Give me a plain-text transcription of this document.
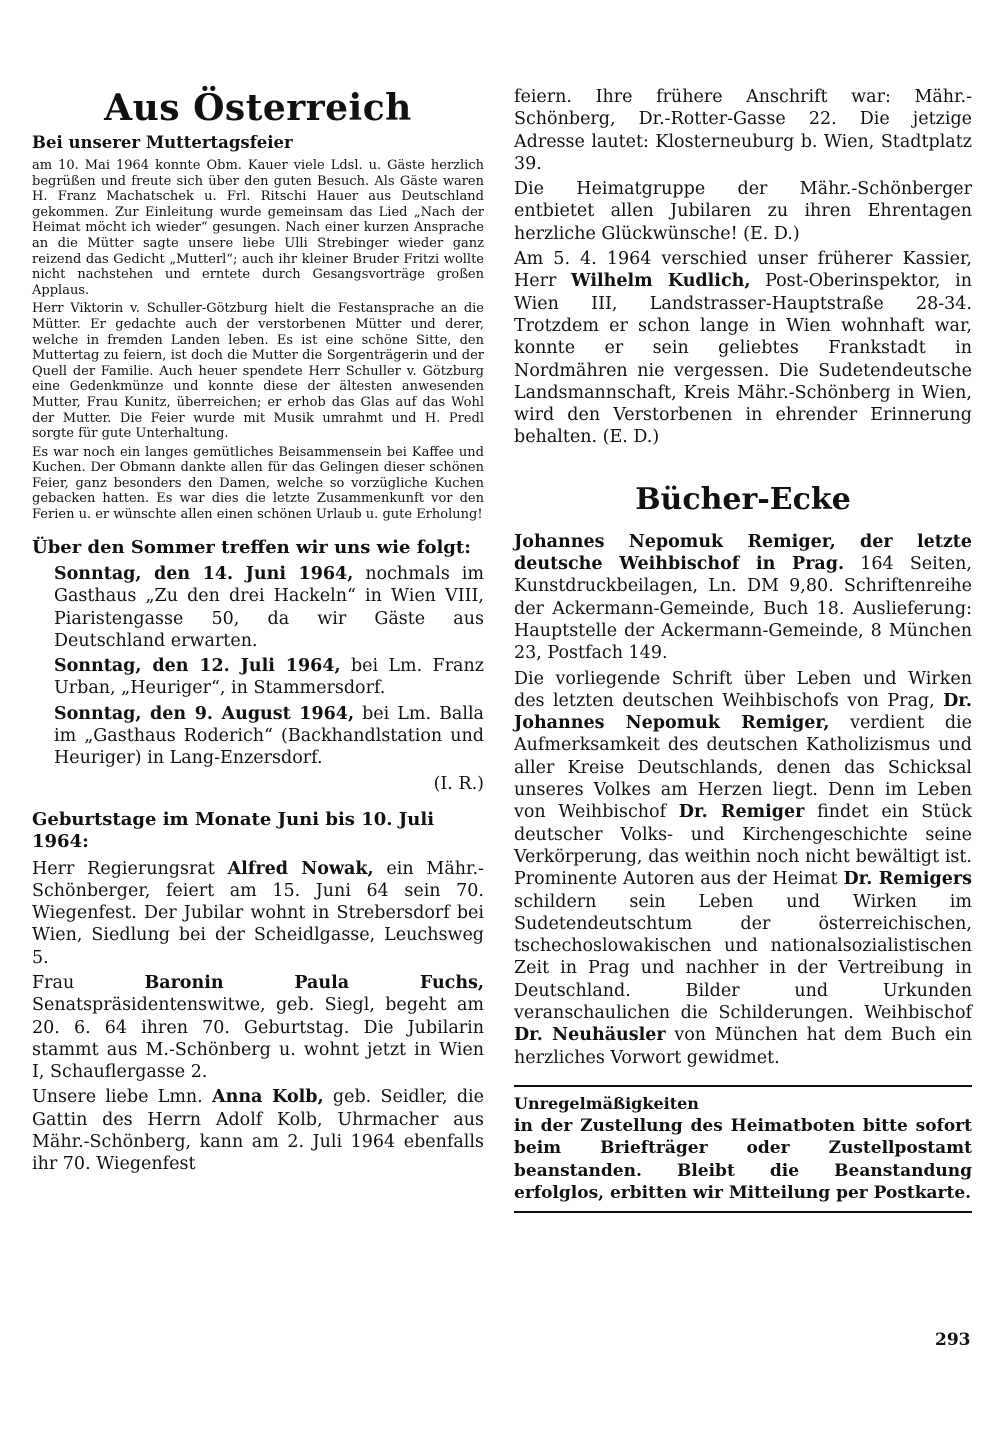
Aus Österreich
Bei unserer Muttertagsfeier

am 10. Mai 1964 konnte Obm. Kauer viele Ldsl. u. Gäste herzlich begrüßen und freute sich über den guten Besuch. Als Gäste waren H. Franz Machatschek u. Frl. Ritschi Hauer aus Deutschland gekommen. Zur Einleitung wurde gemeinsam das Lied „Nach der Heimat möcht ich wieder“ gesungen. Nach einer kurzen Ansprache an die Mütter sagte unsere liebe Ulli Strebinger wieder ganz reizend das Gedicht „Mutterl“; auch ihr kleiner Bruder Fritzi wollte nicht nachstehen und erntete durch Gesangsvorträge großen Applaus.

Herr Viktorin v. Schuller-Götzburg hielt die Festansprache an die Mütter. Er gedachte auch der verstorbenen Mütter und derer, welche in fremden Landen leben. Es ist eine schöne Sitte, den Muttertag zu feiern, ist doch die Mutter die Sorgenträgerin und der Quell der Familie. Auch heuer spendete Herr Schuller v. Götzburg eine Gedenkmünze und konnte diese der ältesten anwesenden Mutter, Frau Kunitz, überreichen; er erhob das Glas auf das Wohl der Mutter. Die Feier wurde mit Musik umrahmt und H. Predl sorgte für gute Unterhaltung.

Es war noch ein langes gemütliches Beisammensein bei Kaffee und Kuchen. Der Obmann dankte allen für das Gelingen dieser schönen Feier, ganz besonders den Damen, welche so vorzügliche Kuchen gebacken hatten. Es war dies die letzte Zusammenkunft vor den Ferien u. er wünschte allen einen schönen Urlaub u. gute Erholung!

Über den Sommer treffen wir uns wie folgt:

Sonntag, den 14. Juni 1964, nochmals im Gasthaus „Zu den drei Hackeln“ in Wien VIII, Piaristengasse 50, da wir Gäste aus Deutschland erwarten.

Sonntag, den 12. Juli 1964, bei Lm. Franz Urban, „Heuriger“, in Stammersdorf.

Sonntag, den 9. August 1964, bei Lm. Balla im „Gasthaus Roderich“ (Backhandlstation und Heuriger) in Lang-Enzersdorf.

(I. R.)

Geburtstage im Monate Juni bis 10. Juli 1964:

Herr Regierungsrat Alfred Nowak, ein Mähr.-Schönberger, feiert am 15. Juni 64 sein 70. Wiegenfest. Der Jubilar wohnt in Strebersdorf bei Wien, Siedlung bei der Scheidlgasse, Leuchsweg 5.

Frau Baronin Paula Fuchs, Senatspräsidentenswitwe, geb. Siegl, begeht am 20. 6. 64 ihren 70. Geburtstag. Die Jubilarin stammt aus M.-Schönberg u. wohnt jetzt in Wien I, Schauflergasse 2.

Unsere liebe Lmn. Anna Kolb, geb. Seidler, die Gattin des Herrn Adolf Kolb, Uhrmacher aus Mähr.-Schönberg, kann am 2. Juli 1964 ebenfalls ihr 70. Wiegenfest

feiern. Ihre frühere Anschrift war: Mähr.-Schönberg, Dr.-Rotter-Gasse 22. Die jetzige Adresse lautet: Klosterneuburg b. Wien, Stadtplatz 39.

Die Heimatgruppe der Mähr.-Schönberger entbietet allen Jubilaren zu ihren Ehrentagen herzliche Glückwünsche! (E. D.)

Am 5. 4. 1964 verschied unser früherer Kassier, Herr Wilhelm Kudlich, Post-Oberinspektor, in Wien III, Landstrasser-Hauptstraße 28-34. Trotzdem er schon lange in Wien wohnhaft war, konnte er sein geliebtes Frankstadt in Nordmähren nie vergessen. Die Sudetendeutsche Landsmannschaft, Kreis Mähr.-Schönberg in Wien, wird den Verstorbenen in ehrender Erinnerung behalten. (E. D.)

Bücher-Ecke

Johannes Nepomuk Remiger, der letzte deutsche Weihbischof in Prag. 164 Seiten, Kunstdruckbeilagen, Ln. DM 9,80. Schriftenreihe der Ackermann-Gemeinde, Buch 18. Auslieferung: Hauptstelle der Ackermann-Gemeinde, 8 München 23, Postfach 149.

Die vorliegende Schrift über Leben und Wirken des letzten deutschen Weihbischofs von Prag, Dr. Johannes Nepomuk Remiger, verdient die Aufmerksamkeit des deutschen Katholizismus und aller Kreise Deutschlands, denen das Schicksal unseres Volkes am Herzen liegt. Denn im Leben von Weihbischof Dr. Remiger findet ein Stück deutscher Volks- und Kirchengeschichte seine Verkörperung, das weithin noch nicht bewältigt ist. Prominente Autoren aus der Heimat Dr. Remigers schildern sein Leben und Wirken im Sudetendeutschtum der österreichischen, tschechoslowakischen und nationalsozialistischen Zeit in Prag und nachher in der Vertreibung in Deutschland. Bilder und Urkunden veranschaulichen die Schilderungen. Weihbischof Dr. Neuhäusler von München hat dem Buch ein herzliches Vorwort gewidmet.

Unregelmäßigkeiten

in der Zustellung des Heimatboten bitte sofort beim Briefträger oder Zustellpostamt beanstanden. Bleibt die Beanstandung erfolglos, erbitten wir Mitteilung per Postkarte.

293
